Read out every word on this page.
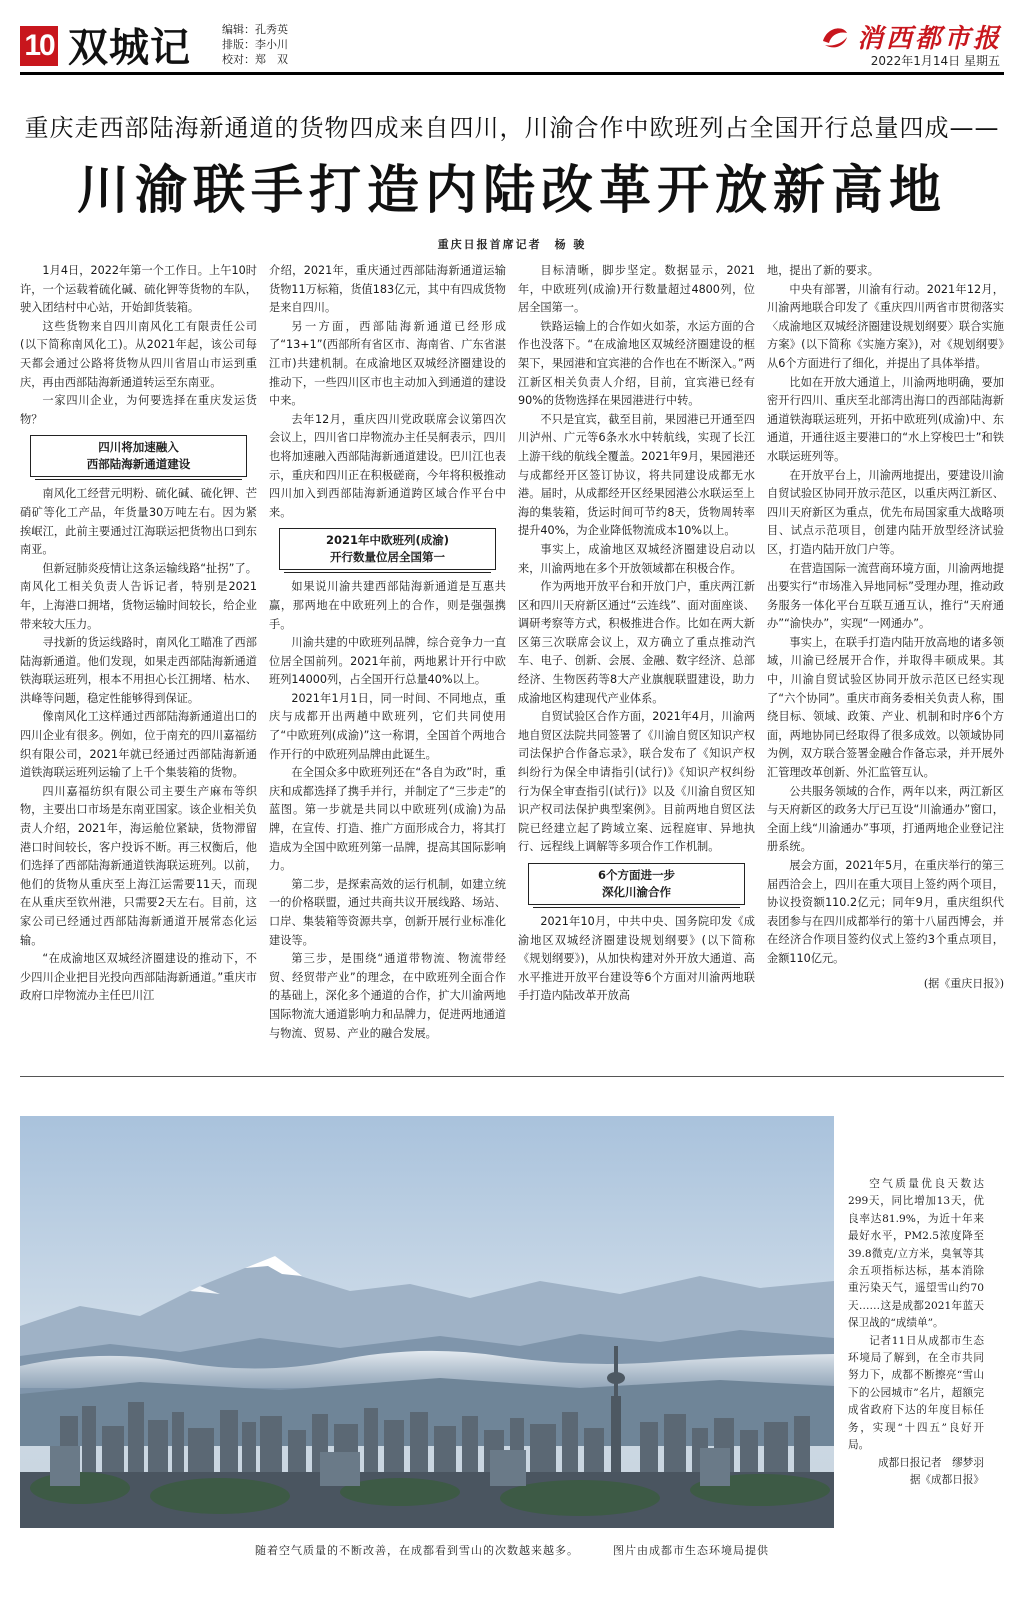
10 双城记	编辑：孔秀英
排版：李小川
校对：郑　双
消西都市报
2022年1月14日 星期五
重庆走西部陆海新通道的货物四成来自四川，川渝合作中欧班列占全国开行总量四成——
川渝联手打造内陆改革开放新高地
重庆日报首席记者　杨 骏

1月4日，2022年第一个工作日。上午10时许，一个运载着硫化碱、硫化钾等货物的车队，驶入团结村中心站，开始卸货装箱。

这些货物来自四川南风化工有限责任公司(以下简称南风化工)。从2021年起，该公司每天都会通过公路将货物从四川省眉山市运到重庆，再由西部陆海新通道转运至东南亚。

一家四川企业，为何要选择在重庆发运货物？

四川将加速融入
西部陆海新通道建设

南风化工经营元明粉、硫化碱、硫化钾、芒硝矿等化工产品，年货量30万吨左右。因为紧挨岷江，此前主要通过江海联运把货物出口到东南亚。

但新冠肺炎疫情让这条运输线路“扯拐”了。南风化工相关负责人告诉记者，特别是2021年，上海港口拥堵，货物运输时间较长，给企业带来较大压力。

寻找新的货运线路时，南风化工瞄准了西部陆海新通道。他们发现，如果走西部陆海新通道铁海联运班列，根本不用担心长江拥堵、枯水、洪峰等问题，稳定性能够得到保证。

像南风化工这样通过西部陆海新通道出口的四川企业有很多。例如，位于南充的四川嘉福纺织有限公司，2021年就已经通过西部陆海新通道铁海联运班列运输了上千个集装箱的货物。

四川嘉福纺织有限公司主要生产麻布等织物，主要出口市场是东南亚国家。该企业相关负责人介绍，2021年，海运舱位紧缺，货物滞留港口时间较长，客户投诉不断。再三权衡后，他们选择了西部陆海新通道铁海联运班列。以前，他们的货物从重庆至上海江运需要11天，而现在从重庆至钦州港，只需要2天左右。目前，这家公司已经通过西部陆海新通道开展常态化运输。

“在成渝地区双城经济圈建设的推动下，不少四川企业把目光投向西部陆海新通道。”重庆市政府口岸物流办主任巴川江

介绍，2021年，重庆通过西部陆海新通道运输货物11万标箱，货值183亿元，其中有四成货物是来自四川。

另一方面，西部陆海新通道已经形成了“13+1”(西部所有省区市、海南省、广东省湛江市)共建机制。在成渝地区双城经济圈建设的推动下，一些四川区市也主动加入到通道的建设中来。

去年12月，重庆四川党政联席会议第四次会议上，四川省口岸物流办主任吴舸表示，四川也将加速融入西部陆海新通道建设。巴川江也表示，重庆和四川正在积极磋商，今年将积极推动四川加入到西部陆海新通道跨区域合作平台中来。

2021年中欧班列(成渝)
开行数量位居全国第一

如果说川渝共建西部陆海新通道是互惠共赢，那两地在中欧班列上的合作，则是强强携手。

川渝共建的中欧班列品牌，综合竞争力一直位居全国前列。2021年前，两地累计开行中欧班列14000列，占全国开行总量40%以上。

2021年1月1日，同一时间、不同地点，重庆与成都开出两趟中欧班列，它们共同使用了“中欧班列(成渝)”这一称谓，全国首个两地合作开行的中欧班列品牌由此诞生。

在全国众多中欧班列还在“各自为政”时，重庆和成都选择了携手并行，并制定了“三步走”的蓝图。第一步就是共同以中欧班列(成渝)为品牌，在宣传、打造、推广方面形成合力，将其打造成为全国中欧班列第一品牌，提高其国际影响力。

第二步，是探索高效的运行机制，如建立统一的价格联盟，通过共商共议开展线路、场站、口岸、集装箱等资源共享，创新开展行业标准化建设等。

第三步，是围绕“通道带物流、物流带经贸、经贸带产业”的理念，在中欧班列全面合作的基础上，深化多个通道的合作，扩大川渝两地国际物流大通道影响力和品牌力，促进两地通道与物流、贸易、产业的融合发展。

目标清晰，脚步坚定。数据显示，2021年，中欧班列(成渝)开行数量超过4800列，位居全国第一。

铁路运输上的合作如火如荼，水运方面的合作也没落下。“在成渝地区双城经济圈建设的框架下，果园港和宜宾港的合作也在不断深入。”两江新区相关负责人介绍，目前，宜宾港已经有90%的货物选择在果园港进行中转。

不只是宜宾，截至目前，果园港已开通至四川泸州、广元等6条水水中转航线，实现了长江上游干线的航线全覆盖。2021年9月，果园港还与成都经开区签订协议，将共同建设成都无水港。届时，从成都经开区经果园港公水联运至上海的集装箱，货运时间可节约8天，货物周转率提升40%，为企业降低物流成本10%以上。

事实上，成渝地区双城经济圈建设启动以来，川渝两地在多个开放领域都在积极合作。

作为两地开放平台和开放门户，重庆两江新区和四川天府新区通过“云连线”、面对面座谈、调研考察等方式，积极推进合作。比如在两大新区第三次联席会议上，双方确立了重点推动汽车、电子、创新、会展、金融、数字经济、总部经济、生物医药等8大产业旗舰联盟建设，助力成渝地区构建现代产业体系。

自贸试验区合作方面，2021年4月，川渝两地自贸区法院共同签署了《川渝自贸区知识产权司法保护合作备忘录》，联合发布了《知识产权纠纷行为保全申请指引(试行)》《知识产权纠纷行为保全审查指引(试行)》以及《川渝自贸区知识产权司法保护典型案例》。目前两地自贸区法院已经建立起了跨域立案、远程庭审、异地执行、远程线上调解等多项合作工作机制。

6个方面进一步
深化川渝合作

2021年10月，中共中央、国务院印发《成渝地区双城经济圈建设规划纲要》(以下简称《规划纲要》)，从加快构建对外开放大通道、高水平推进开放平台建设等6个方面对川渝两地联手打造内陆改革开放高

地，提出了新的要求。

中央有部署，川渝有行动。2021年12月，川渝两地联合印发了《重庆四川两省市贯彻落实〈成渝地区双城经济圈建设规划纲要〉联合实施方案》(以下简称《实施方案》)，对《规划纲要》从6个方面进行了细化，并提出了具体举措。

比如在开放大通道上，川渝两地明确，要加密开行四川、重庆至北部湾出海口的西部陆海新通道铁海联运班列，开拓中欧班列(成渝)中、东通道，开通往返主要港口的“水上穿梭巴士”和铁水联运班列等。

在开放平台上，川渝两地提出，要建设川渝自贸试验区协同开放示范区，以重庆两江新区、四川天府新区为重点，优先布局国家重大战略项目、试点示范项目，创建内陆开放型经济试验区，打造内陆开放门户等。

在营造国际一流营商环境方面，川渝两地提出要实行“市场准入异地同标”受理办理，推动政务服务一体化平台互联互通互认，推行“天府通办”“渝快办”，实现“一网通办”。

事实上，在联手打造内陆开放高地的诸多领域，川渝已经展开合作，并取得丰硕成果。其中，川渝自贸试验区协同开放示范区已经实现了“六个协同”。重庆市商务委相关负责人称，围绕目标、领域、政策、产业、机制和时序6个方面，两地协同已经取得了很多成效。以领域协同为例，双方联合签署金融合作备忘录，并开展外汇管理改革创新、外汇监管互认。

公共服务领域的合作，两年以来，两江新区与天府新区的政务大厅已互设“川渝通办”窗口，全面上线“川渝通办”事项，打通两地企业登记注册系统。

展会方面，2021年5月，在重庆举行的第三届西洽会上，四川在重大项目上签约两个项目，协议投资额110.2亿元；同年9月，重庆组织代表团参与在四川成都举行的第十八届西博会，并在经济合作项目签约仪式上签约3个重点项目，金额110亿元。

(据《重庆日报》)

空气质量优良天数达299天，同比增加13天，优良率达81.9%，为近十年来最好水平，PM2.5浓度降至39.8微克/立方米，臭氧等其余五项指标达标，基本消除重污染天气，遥望雪山约70天……这是成都2021年蓝天保卫战的“成绩单”。

记者11日从成都市生态环境局了解到，在全市共同努力下，成都不断擦亮“雪山下的公园城市”名片，超额完成省政府下达的年度目标任务，实现“十四五”良好开局。

成都日报记者　缪梦羽

据《成都日报》

随着空气质量的不断改善，在成都看到雪山的次数越来越多。	图片由成都市生态环境局提供
